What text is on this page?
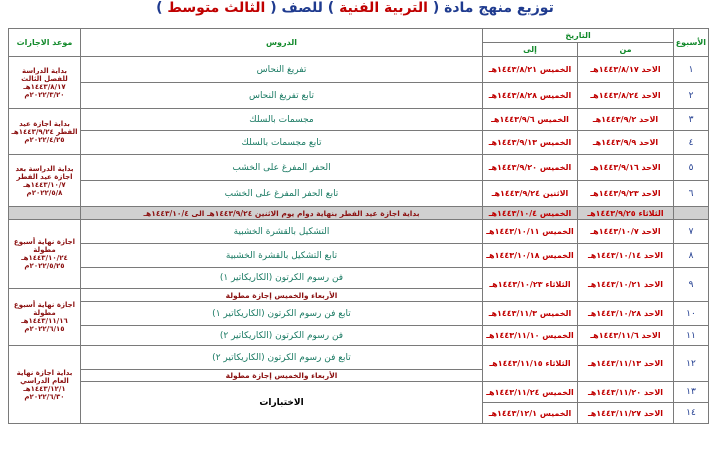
توزيع منهج مادة ( التربية الفنية ) للصف ( الثالث متوسط )
الأسبوع	التاريخ		الدروس	موعد الاجازات
	من	إلى		
١	الاحد ١٤٤٣/٨/١٧هـ	الخميس ١٤٤٣/٨/٢١هـ	تفريغ النحاس	بداية الدراسة للفصل الثالث ١٤٤٣/٨/١٧هـ ٢٠٢٢/٣/٢٠م
٢	الاحد ١٤٤٣/٨/٢٤هـ	الخميس ١٤٤٣/٨/٢٨هـ	تابع تفريغ النحاس	
٣	الاحد ١٤٤٣/٩/٢هـ	الخميس ١٤٤٣/٩/٦هـ	مجسمات بالسلك	بداية اجازة عيد الفطر ١٤٤٣/٩/٢٤هـ ٢٠٢٢/٤/٢٥م
٤	الاحد ١٤٤٣/٩/٩هـ	الخميس ١٤٤٣/٩/١٣هـ	تابع مجسمات بالسلك	
٥	الاحد ١٤٤٣/٩/١٦هـ	الخميس ١٤٤٣/٩/٢٠هـ	الحفر المفرغ على الخشب	بداية الدراسة بعد اجازة عيد الفطر ١٤٤٣/١٠/٧هـ ٢٠٢٢/٥/٨م
٦	الاحد ١٤٤٣/٩/٢٣هـ	الاثنين ١٤٤٣/٩/٢٤هـ	تابع الحفر المفرغ على الخشب	
	الثلاثاء ١٤٤٣/٩/٢٥هـ	الخميس ١٤٤٣/١٠/٤هـ	بداية اجازة عيد الفطر بنهاية دوام يوم الاثنين ١٤٤٣/٩/٢٤هـ الى ١٤٤٣/١٠/٤هـ	
٧	الاحد ١٤٤٣/١٠/٧هـ	الخميس ١٤٤٣/١٠/١١هـ	التشكيل بالقشرة الخشبية	اجازة نهاية أسبوع مطولة ١٤٤٣/١٠/٢٤هـ ٢٠٢٢/٥/٢٥م
٨	الاحد ١٤٤٣/١٠/١٤هـ	الخميس ١٤٤٣/١٠/١٨هـ	تابع التشكيل بالقشرة الخشبية	
٩	الاحد ١٤٤٣/١٠/٢١هـ	الثلاثاء ١٤٤٣/١٠/٢٣هـ	فن رسوم الكرتون (الكاريكاتير ١)	
			الأربعاء والخميس إجازة مطولة	اجازة نهاية أسبوع مطولة ١٤٤٣/١١/١٦هـ ٢٠٢٢/٦/١٥م
١٠	الاحد ١٤٤٣/١٠/٢٨هـ	الخميس ١٤٤٣/١١/٣هـ	تابع فن رسوم الكرتون (الكاريكاتير ١)	
١١	الاحد ١٤٤٣/١١/٦هـ	الخميس ١٤٤٣/١١/١٠هـ	فن رسوم الكرتون (الكاريكاتير ٢)	
١٢	الاحد ١٤٤٣/١١/١٣هـ	الثلاثاء ١٤٤٣/١١/١٥هـ	تابع فن رسوم الكرتون (الكاريكاتير ٢)	بداية اجازة نهاية العام الدراسي ١٤٤٣/١٢/١هـ ٢٠٢٢/٦/٣٠م
			الأربعاء والخميس إجازة مطولة	
١٣	الاحد ١٤٤٣/١١/٢٠هـ	الخميس ١٤٤٣/١١/٢٤هـ	الاختبارات	
١٤	الاحد ١٤٤٣/١١/٢٧هـ	الخميس ١٤٤٣/١٢/١هـ		
